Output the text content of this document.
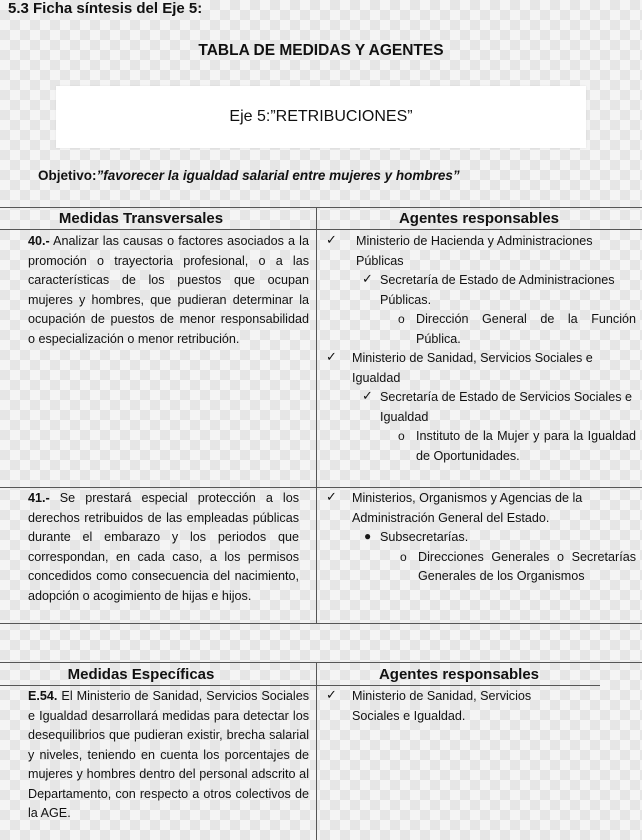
5.3 Ficha síntesis del Eje 5:
TABLA DE MEDIDAS Y AGENTES
Eje 5:”RETRIBUCIONES”
Objetivo:”favorecer la igualdad salarial entre mujeres y hombres”
Medidas Transversales	Agentes responsables
40.- Analizar las causas o factores asociados a la promoción o trayectoria profesional, o a las características de los puestos que ocupan mujeres y hombres, que pudieran determinar la ocupación de puestos de menor responsabilidad o especialización o menor retribución.
✓ Ministerio de Hacienda y Administraciones Públicas
✓ Secretaría de Estado de Administraciones Públicas.
o Dirección General de la Función Pública.
✓ Ministerio de Sanidad, Servicios Sociales e Igualdad
✓ Secretaría de Estado de Servicios Sociales e Igualdad
o Instituto de la Mujer y para la Igualdad de Oportunidades.
41.- Se prestará especial protección a los derechos retribuidos de las empleadas públicas durante el embarazo y los periodos que correspondan, en cada caso, a los permisos concedidos como consecuencia del nacimiento, adopción o acogimiento de hijas e hijos.
✓ Ministerios, Organismos y Agencias de la Administración General del Estado.
● Subsecretarías.
o Direcciones Generales o Secretarías Generales de los Organismos
Medidas Específicas	Agentes responsables
E.54. El Ministerio de Sanidad, Servicios Sociales e Igualdad desarrollará medidas para detectar los desequilibrios que pudieran existir, brecha salarial y niveles, teniendo en cuenta los porcentajes de mujeres y hombres dentro del personal adscrito al Departamento, con respecto a otros colectivos de la AGE.
✓ Ministerio de Sanidad, Servicios Sociales e Igualdad.
